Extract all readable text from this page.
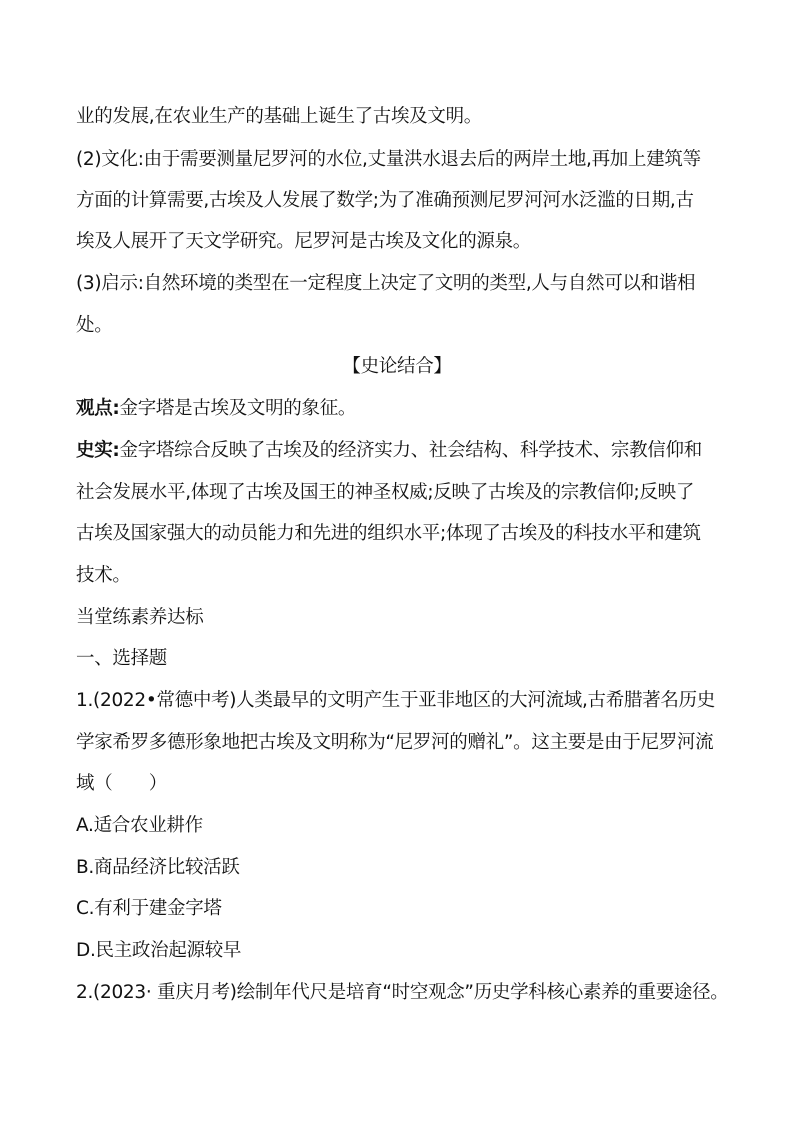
业的发展,在农业生产的基础上诞生了古埃及文明。
(2)文化:由于需要测量尼罗河的水位,丈量洪水退去后的两岸土地,再加上建筑等
方面的计算需要,古埃及人发展了数学;为了准确预测尼罗河河水泛滥的日期,古
埃及人展开了天文学研究。尼罗河是古埃及文化的源泉。
(3)启示:自然环境的类型在一定程度上决定了文明的类型,人与自然可以和谐相
处。
【史论结合】
观点:金字塔是古埃及文明的象征。
史实:金字塔综合反映了古埃及的经济实力、社会结构、科学技术、宗教信仰和
社会发展水平,体现了古埃及国王的神圣权威;反映了古埃及的宗教信仰;反映了
古埃及国家强大的动员能力和先进的组织水平;体现了古埃及的科技水平和建筑
技术。
当堂练素养达标
一、选择题
1.(2022•常德中考)人类最早的文明产生于亚非地区的大河流域,古希腊著名历史
学家希罗多德形象地把古埃及文明称为“尼罗河的赠礼”。这主要是由于尼罗河流
域（　　）
A.适合农业耕作
B.商品经济比较活跃
C.有利于建金字塔
D.民主政治起源较早
2.(2023· 重庆月考)绘制年代尺是培育“时空观念”历史学科核心素养的重要途径。
